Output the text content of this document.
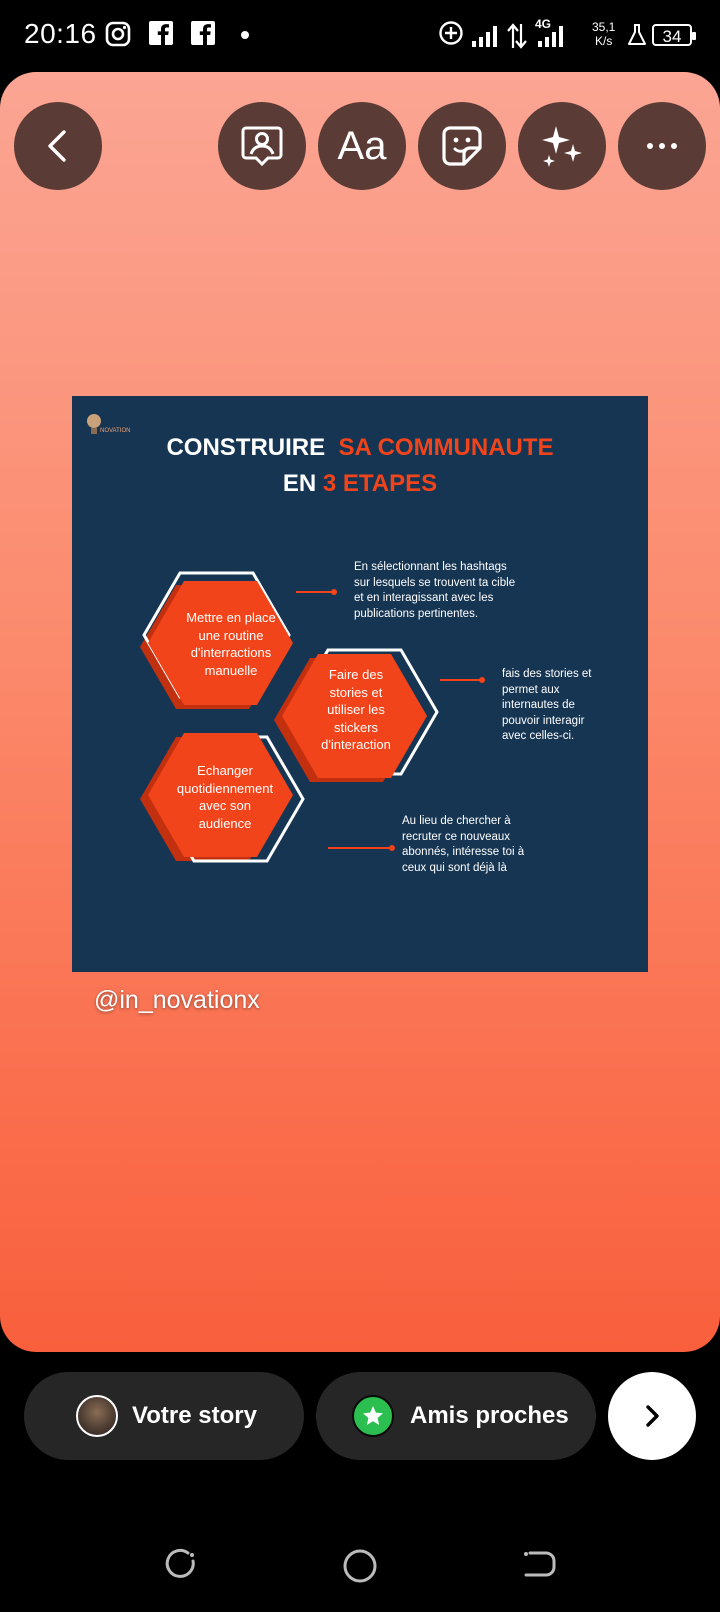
20:16	4G	35,1
K/s	34
Aa
NOVATION
CONSTRUIRE SA COMMUNAUTE
EN 3 ETAPES
Mettre en place
une routine
d'interractions
manuelle	Faire des
stories et
utiliser les
stickers
d'interaction
Echanger
quotidiennement
avec son
audience
En sélectionnant les hashtags
sur lesquels se trouvent ta cible
et en interagissant avec les
publications pertinentes.
fais des stories et
permet aux
internautes de
pouvoir interagir
avec celles-ci.
Au lieu de chercher à
recruter ce nouveaux
abonnés, intéresse toi à
ceux qui sont déjà là
@in_novationx
Votre story	Amis proches
